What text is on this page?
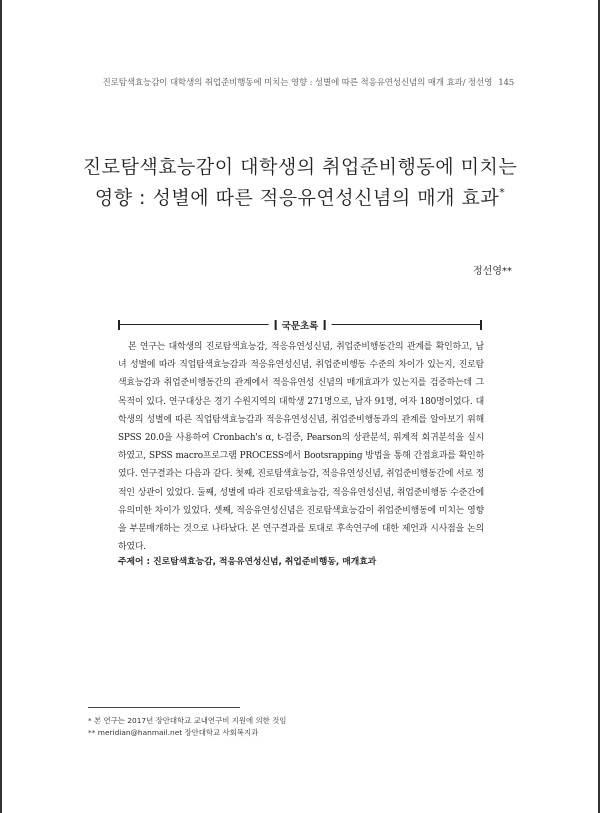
진로탐색효능감이 대학생의 취업준비행동에 미치는 영향 : 성별에 따른 적응유연성신념의 매개 효과/ 정선영 145
진로탐색효능감이 대학생의 취업준비행동에 미치는
영향 : 성별에 따른 적응유연성신념의 매개 효과*
정선영**
국문초록
본 연구는 대학생의 진로탐색효능감, 적응유연성신념, 취업준비행동간의 관계를 확인하고, 남녀 성별에 따라 직업탐색효능감과 적응유연성신념, 취업준비행동 수준의 차이가 있는지, 진로탐색효능감과 취업준비행동간의 관계에서 적응유연성 신념의 매개효과가 있는지를 검증하는데 그 목적이 있다. 연구대상은 경기 수원지역의 대학생 271명으로, 남자 91명, 여자 180명이었다. 대학생의 성별에 따른 직업탐색효능감과 적응유연성신념, 취업준비행동과의 관계를 알아보기 위해 SPSS 20.0을 사용하여 Cronbach's α, t-검증, Pearson의 상관분석, 위계적 회귀분석을 실시하였고, SPSS macro프로그램 PROCESS에서 Bootsrapping 방법을 통해 간접효과를 확인하였다. 연구결과는 다음과 같다. 첫째, 진로탐색효능감, 적응유연성신념, 취업준비행동간에 서로 정적인 상관이 있었다. 둘째, 성별에 따라 진로탐색효능감, 적응유연성신념, 취업준비행동 수준간에 유의미한 차이가 있었다. 셋째, 적응유연성신념은 진로탐색효능감이 취업준비행동에 미치는 영향을 부분매개하는 것으로 나타났다. 본 연구결과를 토대로 후속연구에 대한 제언과 시사점을 논의하였다.
주제어 : 진로탐색효능감, 적응유연성신념, 취업준비행동, 매개효과
* 본 연구는 2017년 장안대학교 교내연구비 지원에 의한 것임
** meridian@hanmail.net 장안대학교 사회복지과
